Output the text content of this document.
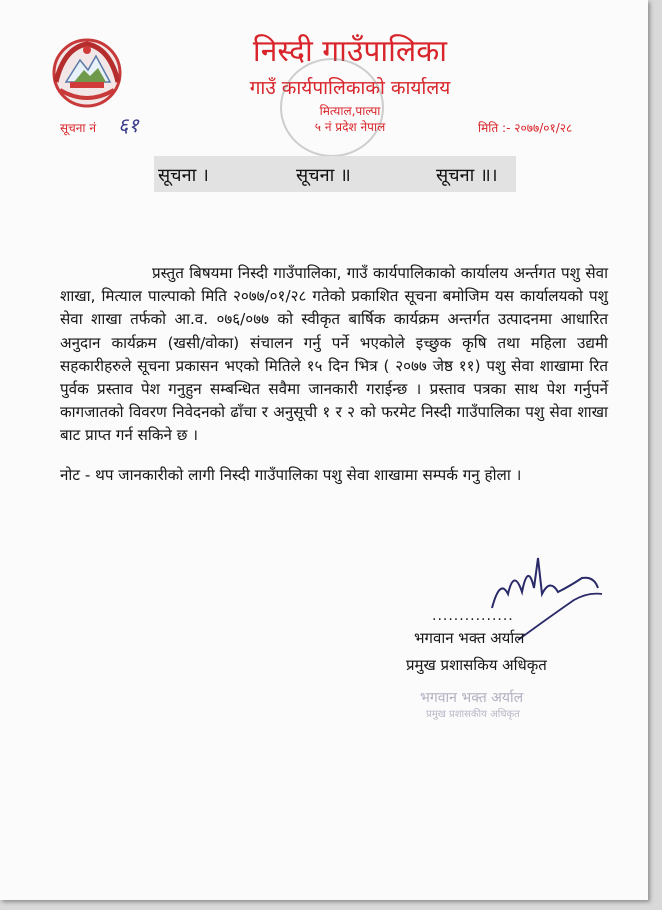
निस्दी गाउँपालिका
गाउँ कार्यपालिकाको कार्यालय
मित्याल,पाल्पा
५ नं प्रदेश नेपाल
सूचना नं ६१	मिति :- २०७७/०१/२८
सूचना ।	सूचना ॥	सूचना ॥।

प्रस्तुत बिषयमा निस्दी गाउँपालिका, गाउँ कार्यपालिकाको कार्यालय अर्न्तगत पशु सेवा शाखा, मित्याल पाल्पाको मिति २०७७/०१/२८ गतेको प्रकाशित सूचना बमोजिम यस कार्यालयको पशु सेवा शाखा तर्फको आ.व. ०७६/०७७ को स्वीकृत बार्षिक कार्यक्रम अन्तर्गत उत्पादनमा आधारित अनुदान कार्यक्रम (खसी/वोका) संचालन गर्नु पर्ने भएकोले इच्छुक कृषि तथा महिला उद्यमी सहकारीहरुले सूचना प्रकासन भएको मितिले १५ दिन भित्र ( २०७७ जेष्ठ ११) पशु सेवा शाखामा रित पुर्वक प्रस्ताव पेश गनुहुन सम्बन्धित सवैमा जानकारी गराईन्छ । प्रस्ताव पत्रका साथ पेश गर्नुपर्ने कागजातको विवरण निवेदनको ढाँचा र अनुसूची १ र २ को फरमेट निस्दी गाउँपालिका पशु सेवा शाखा बाट प्राप्त गर्न सकिने छ ।

नोट - थप जानकारीको लागी निस्दी गाउँपालिका पशु सेवा शाखामा सम्पर्क गनु होला ।

...............
भगवान भक्त अर्याल
प्रमुख प्रशासकिय अधिकृत
भगवान भक्त अर्याल
प्रमुख प्रशासकीय अधिकृत
